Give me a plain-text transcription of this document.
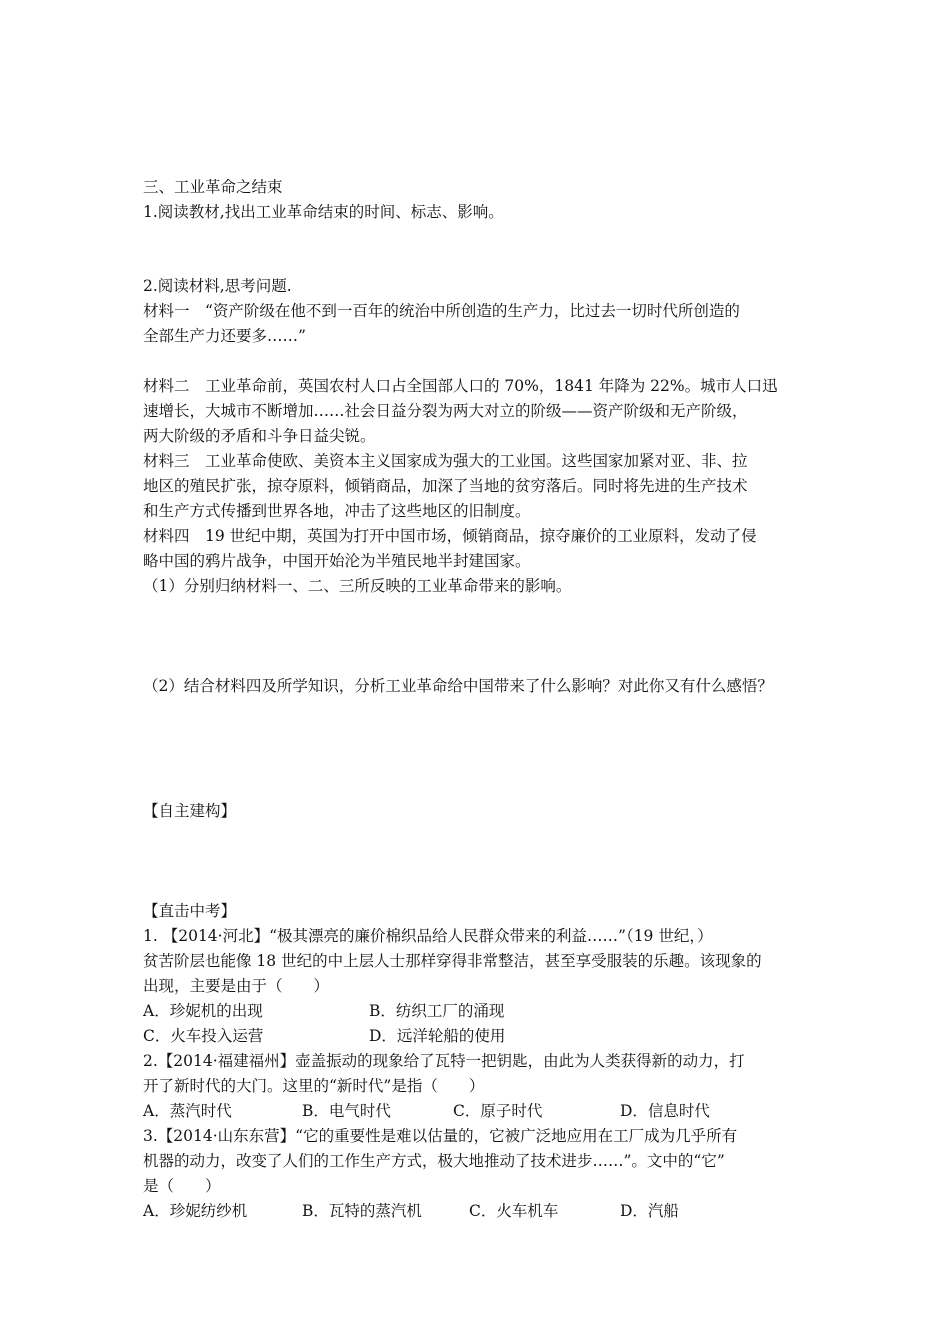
三、工业革命之结束
1.阅读教材,找出工业革命结束的时间、标志、影响。
2.阅读材料,思考问题.
材料一　“资产阶级在他不到一百年的统治中所创造的生产力，比过去一切时代所创造的
全部生产力还要多……”
材料二　工业革命前，英国农村人口占全国部人口的 70%，1841 年降为 22%。城市人口迅
速增长，大城市不断增加……社会日益分裂为两大对立的阶级——资产阶级和无产阶级，
两大阶级的矛盾和斗争日益尖锐。
材料三　工业革命使欧、美资本主义国家成为强大的工业国。这些国家加紧对亚、非、拉
地区的殖民扩张，掠夺原料，倾销商品，加深了当地的贫穷落后。同时将先进的生产技术
和生产方式传播到世界各地，冲击了这些地区的旧制度。
材料四　19 世纪中期，英国为打开中国市场，倾销商品，掠夺廉价的工业原料，发动了侵
略中国的鸦片战争，中国开始沦为半殖民地半封建国家。
（1）分别归纳材料一、二、三所反映的工业革命带来的影响。
（2）结合材料四及所学知识，分析工业革命给中国带来了什么影响？对此你又有什么感悟？
【自主建构】
【直击中考】
1. 【2014·河北】“极其漂亮的廉价棉织品给人民群众带来的利益……”（19 世纪，）
贫苦阶层也能像 18 世纪的中上层人士那样穿得非常整洁，甚至享受服装的乐趣。该现象的
出现，主要是由于（　　）
A．珍妮机的出现	B．纺织工厂的涌现
C．火车投入运营	D．远洋轮船的使用
2.【2014·福建福州】壶盖振动的现象给了瓦特一把钥匙，由此为人类获得新的动力，打
开了新时代的大门。这里的“新时代”是指（　　）
A．蒸汽时代	B．电气时代	C．原子时代	D．信息时代
3.【2014·山东东营】“它的重要性是难以估量的，它被广泛地应用在工厂成为几乎所有
机器的动力，改变了人们的工作生产方式，极大地推动了技术进步……”。文中的“它”
是（　　）
A．珍妮纺纱机	B．瓦特的蒸汽机	C．火车机车	D．汽船
